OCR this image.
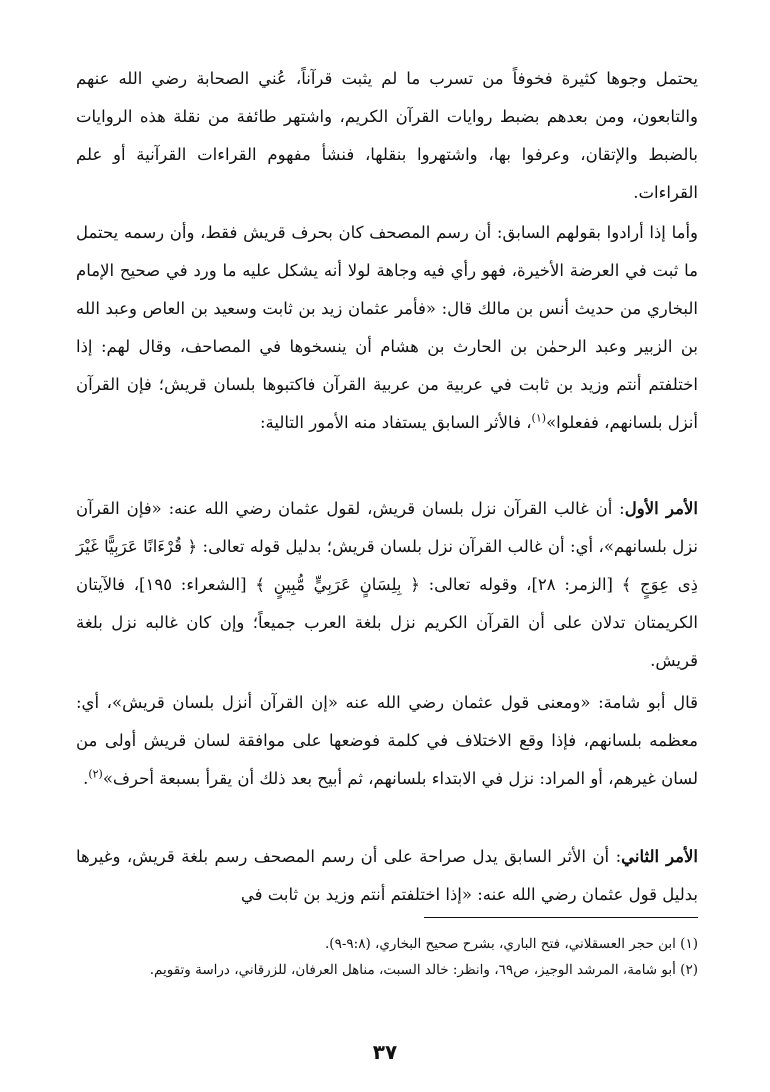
يحتمل وجوها كثيرة فخوفاً من تسرب ما لم يثبت قرآناً، عُني الصحابة رضي الله عنهم والتابعون، ومن بعدهم بضبط روايات القرآن الكريم، واشتهر طائفة من نقلة هذه الروايات بالضبط والإتقان، وعرفوا بها، واشتهروا بنقلها، فنشأ مفهوم القراءات القرآنية أو علم القراءات.

وأما إذا أرادوا بقولهم السابق: أن رسم المصحف كان بحرف قريش فقط، وأن رسمه يحتمل ما ثبت في العرضة الأخيرة، فهو رأي فيه وجاهة لولا أنه يشكل عليه ما ورد في صحيح الإمام البخاري من حديث أنس بن مالك قال: «فأمر عثمان زيد بن ثابت وسعيد بن العاص وعبد الله بن الزبير وعبد الرحمٰن بن الحارث بن هشام أن ينسخوها في المصاحف، وقال لهم: إذا اختلفتم أنتم وزيد بن ثابت في عربية من عربية القرآن فاكتبوها بلسان قريش؛ فإن القرآن أنزل بلسانهم، ففعلوا»$^{(١)}$، فالأثر السابق يستفاد منه الأمور التالية:

الأمر الأول: أن غالب القرآن نزل بلسان قريش، لقول عثمان رضي الله عنه: «فإن القرآن نزل بلسانهم»، أي: أن غالب القرآن نزل بلسان قريش؛ بدليل قوله تعالى: ﴿ قُرْءَانًا عَرَبِيًّا غَيْرَ ذِى عِوَجٍ ﴾ [الزمر: ٢٨]، وقوله تعالى: ﴿ بِلِسَانٍ عَرَبِيٍّ مُّبِينٍ ﴾ [الشعراء: ١٩٥]، فالآيتان الكريمتان تدلان على أن القرآن الكريم نزل بلغة العرب جميعاً؛ وإن كان غالبه نزل بلغة قريش.

قال أبو شامة: «ومعنى قول عثمان رضي الله عنه «إن القرآن أنزل بلسان قريش»، أي: معظمه بلسانهم، فإذا وقع الاختلاف في كلمة فوضعها على موافقة لسان قريش أولى من لسان غيرهم، أو المراد: نزل في الابتداء بلسانهم، ثم أبيح بعد ذلك أن يقرأ بسبعة أحرف»$^{(٢)}$.

الأمر الثاني: أن الأثر السابق يدل صراحة على أن رسم المصحف رسم بلغة قريش، وغيرها بدليل قول عثمان رضي الله عنه: «إذا اختلفتم أنتم وزيد بن ثابت في

(١) ابن حجر العسقلاني، فتح الباري، بشرح صحيح البخاري، (٩:٨-٩).

(٢) أبو شامة، المرشد الوجيز، ص٦٩، وانظر: خالد السبت، مناهل العرفان، للزرقاني، دراسة وتقويم.

٣٧
